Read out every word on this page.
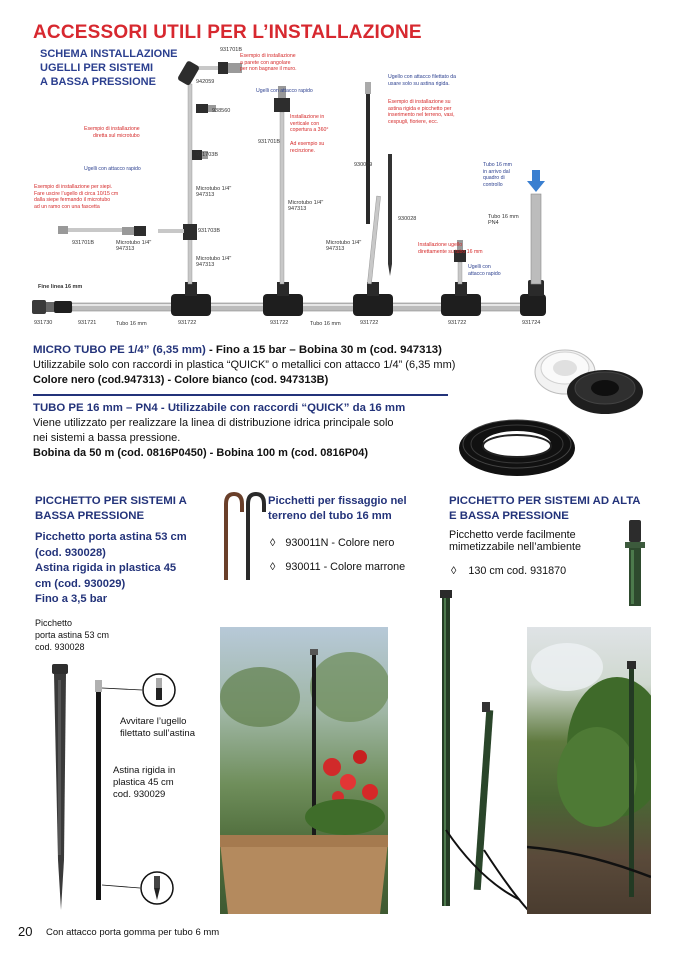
ACCESSORI UTILI PER L’INSTALLAZIONE
SCHEMA INSTALLAZIONE
UGELLI PER SISTEMI
A BASSA PRESSIONE
Esempio di installazione
a parete con angolare
per non bagnare il muro.
Ugelli con attacco rapido
Ugello con attacco filettato da
usare solo su astina rigida.
Esempio di installazione su
astina rigida e picchetto per
inserimento nel terreno, vasi,
cespugli, fioriere, ecc.
Esempio di installazione
diretta sul microtubo
Installazione in
verticale con
copertura a 360°
Ad esempio su
recinzione.
Ugelli con attacco rapido
Esempio di installazione per siepi.
Fare uscire l’ugello di circa 10/15 cm
dalla siepe fermando il microtubo
ad un ramo con una fascetta
Tubo 16 mm
in arrivo dal
quadro di
controllo
Installazione ugello
direttamente su tubo 16 mm
Ugelli con
attacco rapido
Fine linea 16 mm
931701B
942059
938560
931703B
931701B
930029
930028
931701B
931703B
931730	931721	931722	931722	931722	931722	931724
Microtubo 1/4"
947313
Microtubo 1/4"
947313
Microtubo 1/4"
947313
Microtubo 1/4"
947313
Microtubo 1/4"
947313
Tubo 16 mm	Tubo 16 mm
Tubo 16 mm
PN4
MICRO TUBO PE 1/4” (6,35 mm) - Fino a 15 bar – Bobina 30 m (cod. 947313)
Utilizzabile solo con raccordi in plastica “QUICK” o metallici con attacco 1/4” (6,35 mm)
Colore nero (cod.947313) - Colore bianco (cod. 947313B)
TUBO PE 16 mm – PN4 - Utilizzabile con raccordi “QUICK” da 16 mm
Viene utilizzato per realizzare la linea di distribuzione idrica principale solo
nei sistemi a bassa pressione.
Bobina da 50 m (cod. 0816P0450) - Bobina 100 m (cod. 0816P04)
PICCHETTO PER SISTEMI A
BASSA PRESSIONE
Picchetto porta astina 53 cm
(cod. 930028)
Astina rigida in plastica 45
cm (cod. 930029)
Fino a 3,5 bar
Picchetto
porta astina 53 cm
cod. 930028
Avvitare l’ugello
filettato sull’astina
Astina rigida in
plastica 45 cm
cod. 930029
Picchetti per fissaggio nel
terreno del tubo 16 mm
◊ 930011N - Colore nero
◊ 930011 - Colore marrone
PICCHETTO PER SISTEMI AD ALTA
E BASSA PRESSIONE
Picchetto verde facilmente
mimetizzabile nell’ambiente
◊ 130 cm cod. 931870
20 Con attacco porta gomma per tubo 6 mm
